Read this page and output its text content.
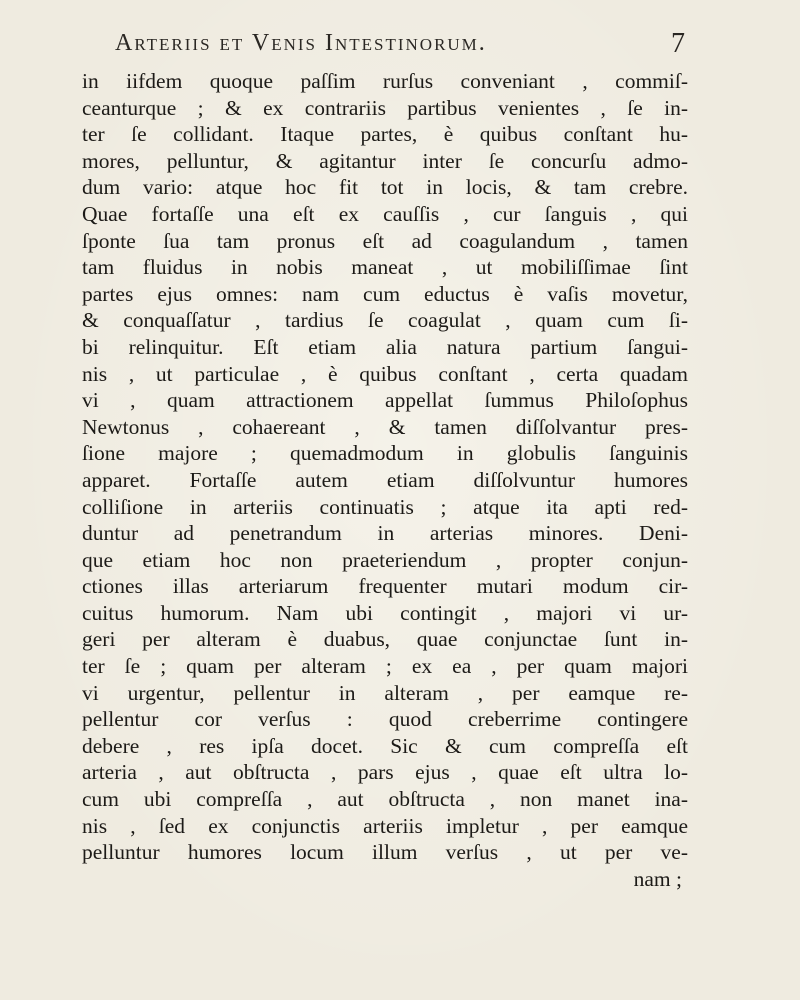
Arteriis et Venis Intestinorum.	7
in iifdem quoque paſſim rurſus conveniant , commiſ-
ceanturque ; & ex contrariis partibus venientes , ſe in-
ter ſe collidant. Itaque partes, è quibus conſtant hu-
mores, pelluntur, & agitantur inter ſe concurſu admo-
dum vario: atque hoc fit tot in locis, & tam crebre.
Quae fortaſſe una eſt ex cauſſis , cur ſanguis , qui
ſponte ſua tam pronus eſt ad coagulandum , tamen
tam fluidus in nobis maneat , ut mobiliſſimae ſint
partes ejus omnes: nam cum eductus è vaſis movetur,
& conquaſſatur , tardius ſe coagulat , quam cum ſi-
bi relinquitur. Eſt etiam alia natura partium ſangui-
nis , ut particulae , è quibus conſtant , certa quadam
vi , quam attractionem appellat ſummus Philoſophus
Newtonus , cohaereant , & tamen diſſolvantur pres-
ſione majore ; quemadmodum in globulis ſanguinis
apparet. Fortaſſe autem etiam diſſolvuntur humores
colliſione in arteriis continuatis ; atque ita apti red-
duntur ad penetrandum in arterias minores. Deni-
que etiam hoc non praeteriendum , propter conjun-
ctiones illas arteriarum frequenter mutari modum cir-
cuitus humorum. Nam ubi contingit , majori vi ur-
geri per alteram è duabus, quae conjunctae ſunt in-
ter ſe ; quam per alteram ; ex ea , per quam majori
vi urgentur, pellentur in alteram , per eamque re-
pellentur cor verſus : quod creberrime contingere
debere , res ipſa docet. Sic & cum compreſſa eſt
arteria , aut obſtructa , pars ejus , quae eſt ultra lo-
cum ubi compreſſa , aut obſtructa , non manet ina-
nis , ſed ex conjunctis arteriis impletur , per eamque
pelluntur humores locum illum verſus , ut per ve-
nam ;
